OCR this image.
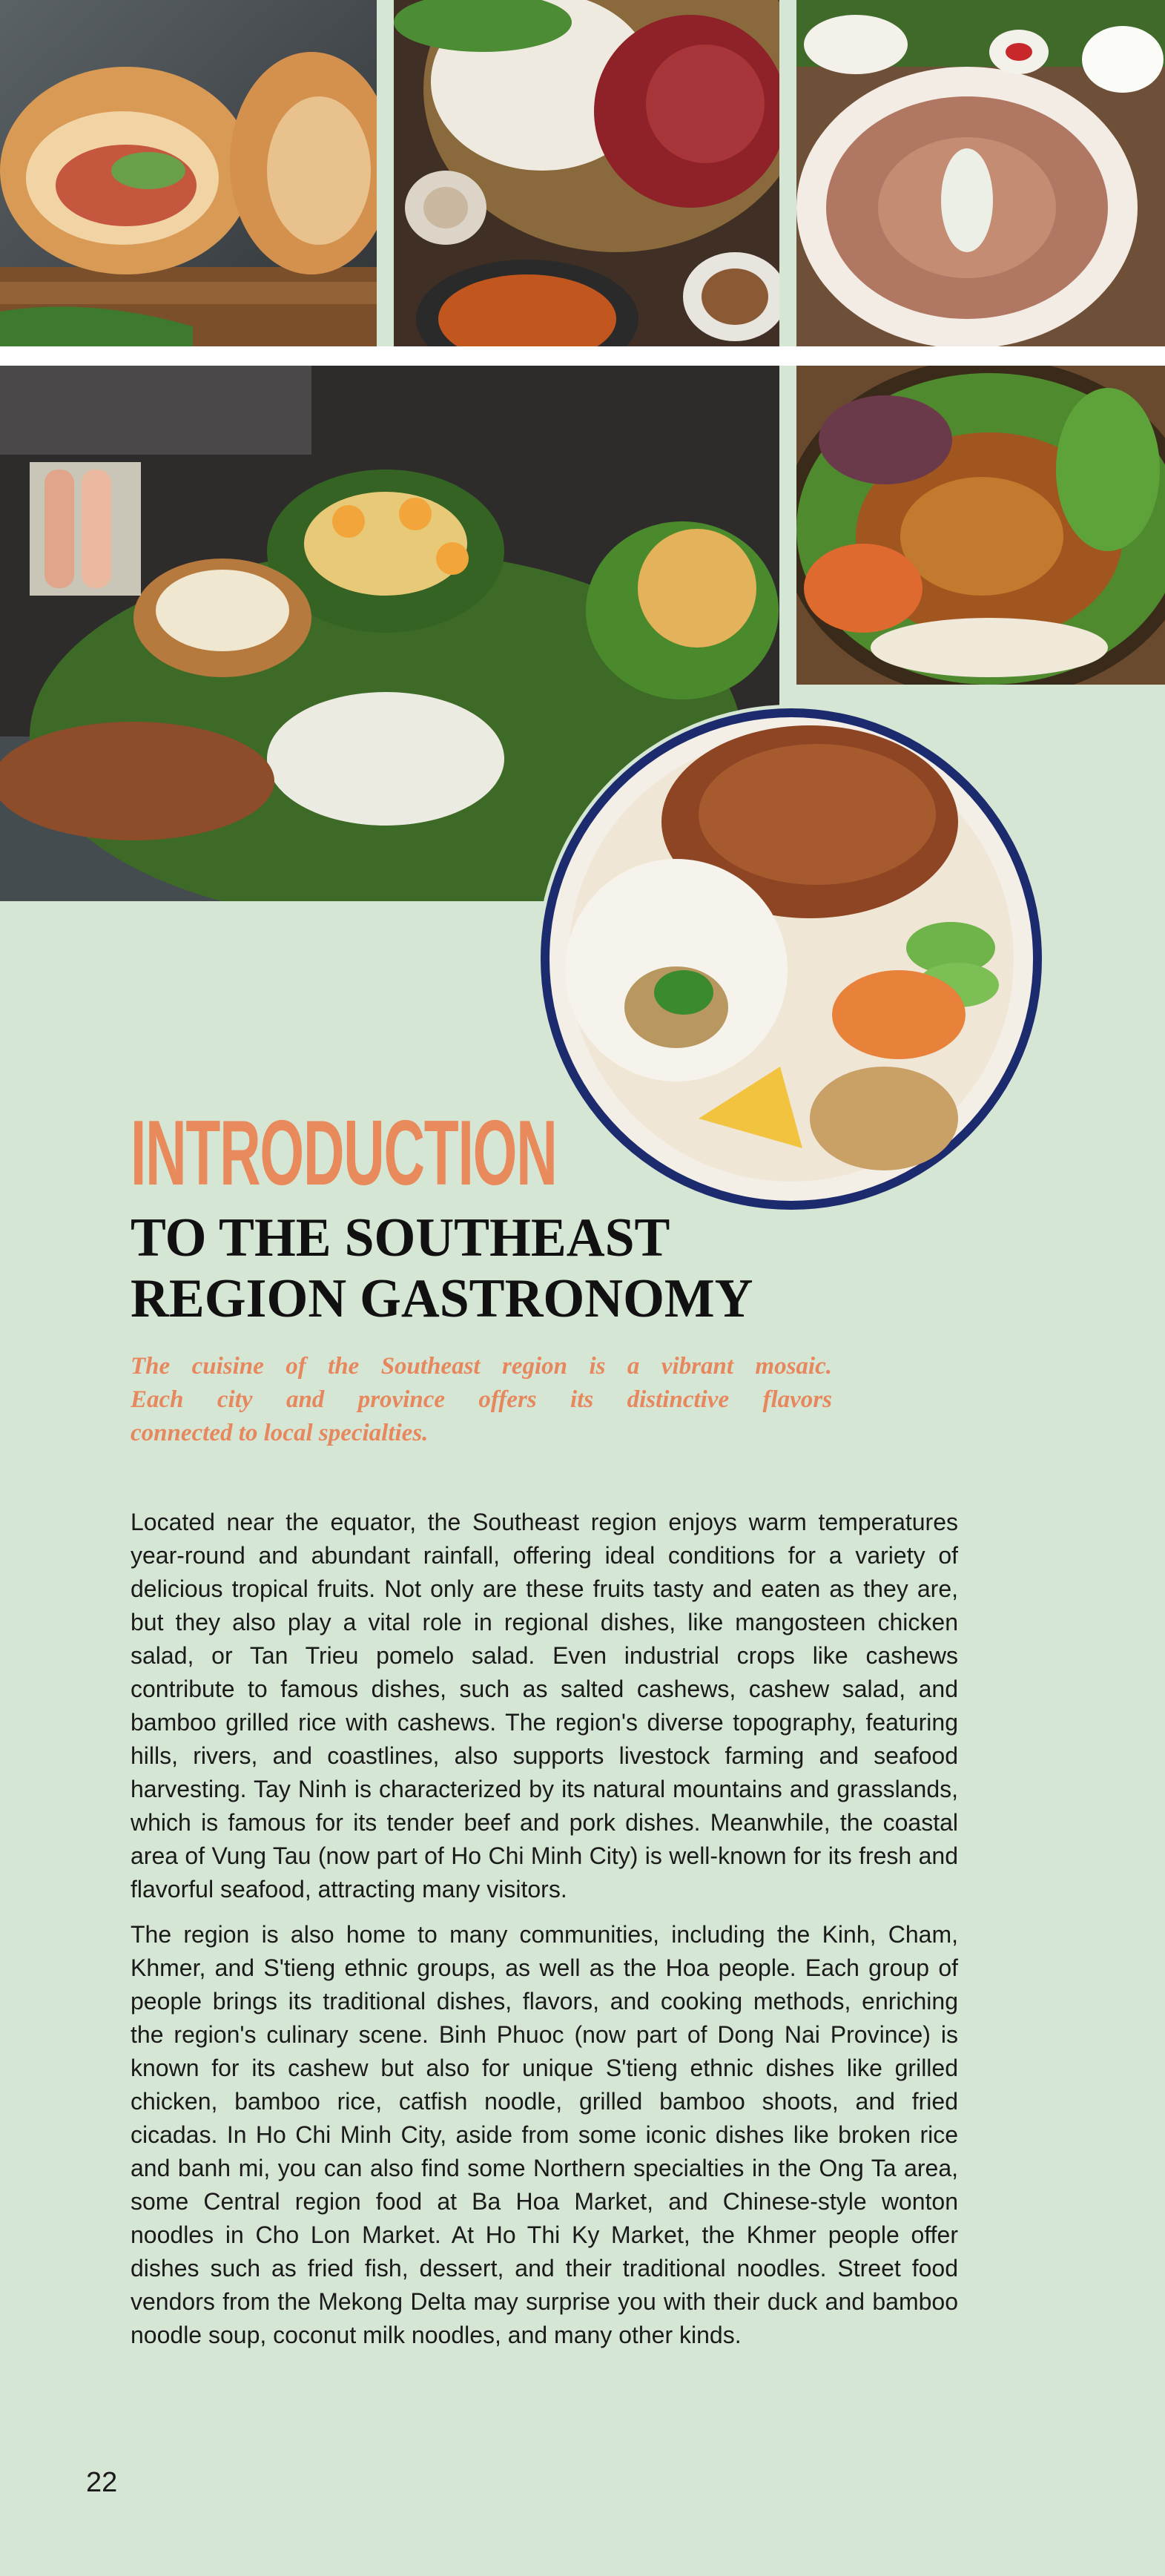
INTRODUCTION
TO THE SOUTHEAST
REGION GASTRONOMY
The cuisine of the Southeast region is a vibrant mosaic.
Each city and province offers its distinctive flavors
connected to local specialties.

Located near the equator, the Southeast region enjoys warm temperatures year-round and abundant rainfall, offering ideal conditions for a variety of delicious tropical fruits. Not only are these fruits tasty and eaten as they are, but they also play a vital role in regional dishes, like mangosteen chicken salad, or Tan Trieu pomelo salad. Even industrial crops like cashews contribute to famous dishes, such as salted cashews, cashew salad, and bamboo grilled rice with cashews. The region's diverse topography, featuring hills, rivers, and coastlines, also supports livestock farming and seafood harvesting. Tay Ninh is characterized by its natural mountains and grasslands, which is famous for its tender beef and pork dishes. Meanwhile, the coastal area of Vung Tau (now part of Ho Chi Minh City) is well-known for its fresh and flavorful seafood, attracting many visitors.

The region is also home to many communities, including the Kinh, Cham, Khmer, and S'tieng ethnic groups, as well as the Hoa people. Each group of people brings its traditional dishes, flavors, and cooking methods, enriching the region's culinary scene. Binh Phuoc (now part of Dong Nai Province) is known for its cashew but also for unique S'tieng ethnic dishes like grilled chicken, bamboo rice, catfish noodle, grilled bamboo shoots, and fried cicadas. In Ho Chi Minh City, aside from some iconic dishes like broken rice and banh mi, you can also find some Northern specialties in the Ong Ta area, some Central region food at Ba Hoa Market, and Chinese-style wonton noodles in Cho Lon Market. At Ho Thi Ky Market, the Khmer people offer dishes such as fried fish, dessert, and their traditional noodles. Street food vendors from the Mekong Delta may surprise you with their duck and bamboo noodle soup, coconut milk noodles, and many other kinds.

22
